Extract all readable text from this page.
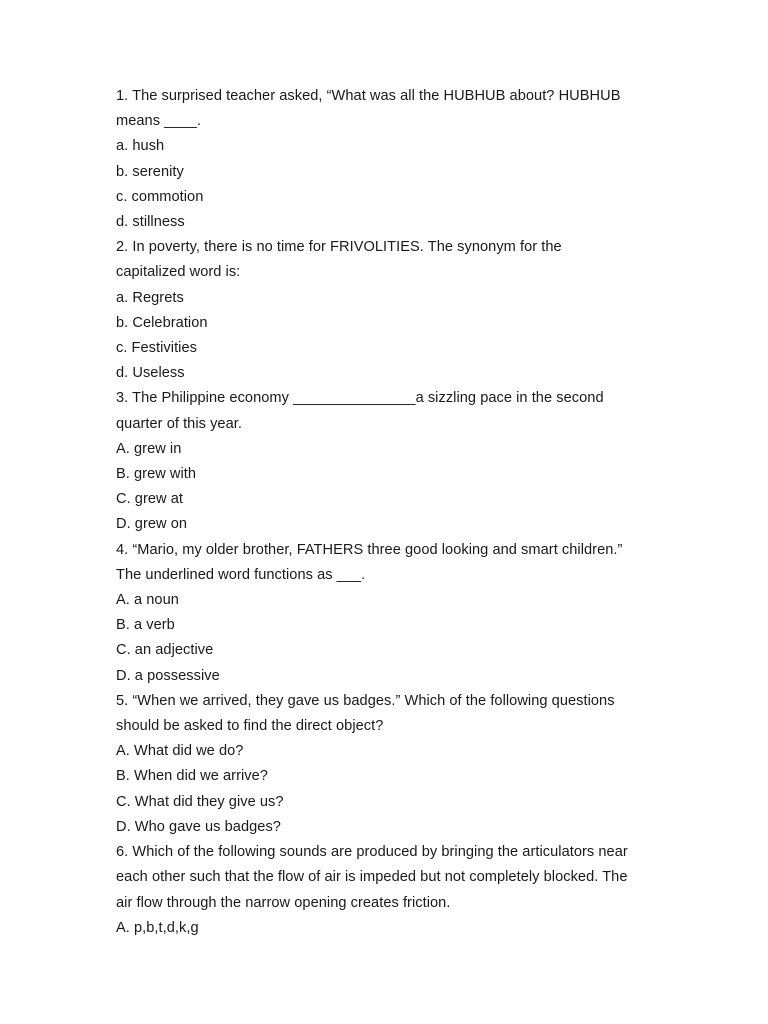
1. The surprised teacher asked, “What was all the HUBHUB about? HUBHUB
means ____.
a. hush
b. serenity
c. commotion
d. stillness
2. In poverty, there is no time for FRIVOLITIES. The synonym for the
capitalized word is:
a. Regrets
b. Celebration
c. Festivities
d. Useless
3. The Philippine economy _______________a sizzling pace in the second
quarter of this year.
A. grew in
B. grew with
C. grew at
D. grew on
4. “Mario, my older brother, FATHERS three good looking and smart children.”
The underlined word functions as ___.
A. a noun
B. a verb
C. an adjective
D. a possessive
5. “When we arrived, they gave us badges.” Which of the following questions
should be asked to find the direct object?
A. What did we do?
B. When did we arrive?
C. What did they give us?
D. Who gave us badges?
6. Which of the following sounds are produced by bringing the articulators near
each other such that the flow of air is impeded but not completely blocked. The
air flow through the narrow opening creates friction.
A. p,b,t,d,k,g
